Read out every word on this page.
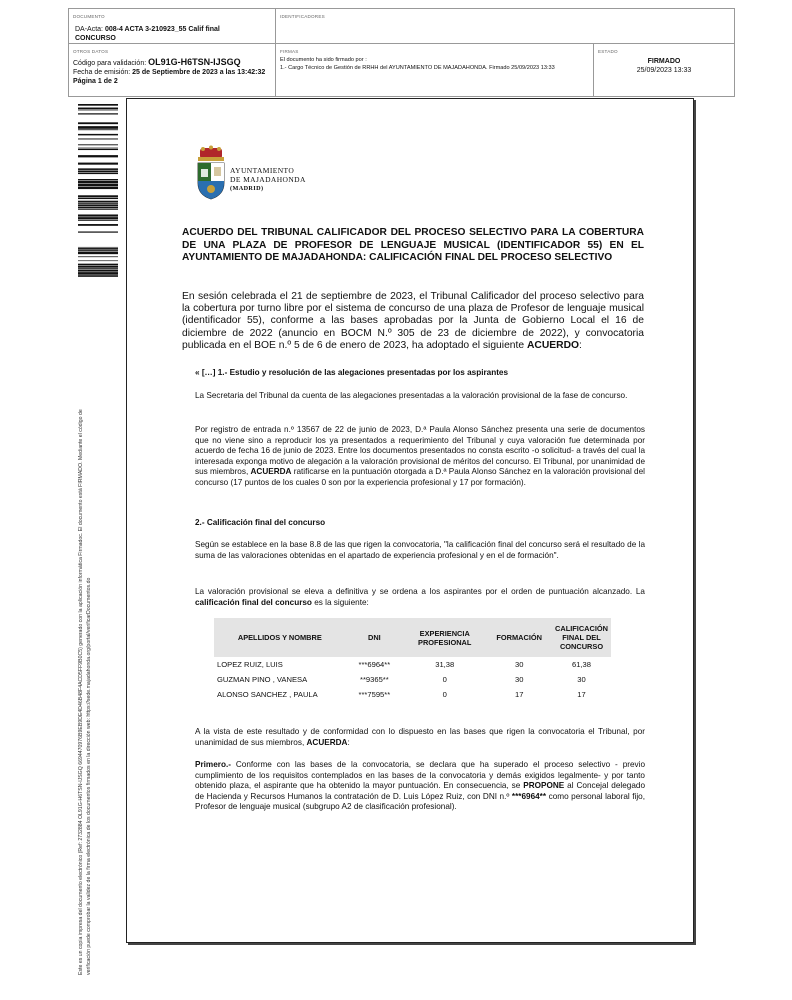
DOCUMENTO
DA-Acta: 008-4 ACTA 3-210923_55 Calif final
CONCURSO
IDENTIFICADORES
OTROS DATOS
Código para validación: OL91G-H6TSN-IJSGQ
Fecha de emisión: 25 de Septiembre de 2023 a las 13:42:32
Página 1 de 2
FIRMAS
El documento ha sido firmado por :
1.- Cargo Técnico de Gestión de RRHH del AYUNTAMIENTO DE MAJADAHONDA. Firmado 25/09/2023 13:33
ESTADO
FIRMADO
25/09/2023 13:33
Este es un copia impresa del documento electrónico (Ref: 2732884 OL91G-H6TSN-IJSGQ 6694470976B9EB9DE4D46B48F4ACD5FF9B0C5) generado con la aplicación informática Firmadoc. El documento está FIRMADO. Mediante el código de verificación puede comprobar la validez de la firma electrónica de los documentos firmados en la dirección web: https://sede.majadahonda.org/portal/verificarDocumentos.do
AYUNTAMIENTO
DE MAJADAHONDA
(MADRID)
ACUERDO DEL TRIBUNAL CALIFICADOR DEL PROCESO SELECTIVO PARA LA COBERTURA DE UNA PLAZA DE PROFESOR DE LENGUAJE MUSICAL (IDENTIFICADOR 55) EN EL AYUNTAMIENTO DE MAJADAHONDA: CALIFICACIÓN FINAL DEL PROCESO SELECTIVO
En sesión celebrada el 21 de septiembre de 2023, el Tribunal Calificador del proceso selectivo para la cobertura por turno libre por el sistema de concurso de una plaza de Profesor de lenguaje musical (identificador 55), conforme a las bases aprobadas por la Junta de Gobierno Local el 16 de diciembre de 2022 (anuncio en BOCM N.º 305 de 23 de diciembre de 2022), y convocatoria publicada en el BOE n.º 5 de 6 de enero de 2023, ha adoptado el siguiente ACUERDO:
« […] 1.- Estudio y resolución de las alegaciones presentadas por los aspirantes
La Secretaria del Tribunal da cuenta de las alegaciones presentadas a la valoración provisional de la fase de concurso.
Por registro de entrada n.º 13567 de 22 de junio de 2023, D.ª Paula Alonso Sánchez presenta una serie de documentos que no viene sino a reproducir los ya presentados a requerimiento del Tribunal y cuya valoración fue determinada por acuerdo de fecha 16 de junio de 2023. Entre los documentos presentados no consta escrito -o solicitud- a través del cual la interesada exponga motivo de alegación a la valoración provisional de méritos del concurso. El Tribunal, por unanimidad de sus miembros, ACUERDA ratificarse en la puntuación otorgada a D.ª Paula Alonso Sánchez en la valoración provisional del concurso (17 puntos de los cuales 0 son por la experiencia profesional y 17 por formación).
2.- Calificación final del concurso
Según se establece en la base 8.8 de las que rigen la convocatoria, "la calificación final del concurso será el resultado de la suma de las valoraciones obtenidas en el apartado de experiencia profesional y en el de formación".
La valoración provisional se eleva a definitiva y se ordena a los aspirantes por el orden de puntuación alcanzado. La calificación final del concurso es la siguiente:
APELLIDOS Y NOMBRE	DNI	EXPERIENCIA PROFESIONAL	FORMACIÓN	CALIFICACIÓN FINAL DEL CONCURSO
LOPEZ RUIZ, LUIS	***6964**	31,38	30	61,38
GUZMAN PINO , VANESA	**9365**	0	30	30
ALONSO SANCHEZ , PAULA	***7595**	0	17	17
A la vista de este resultado y de conformidad con lo dispuesto en las bases que rigen la convocatoria el Tribunal, por unanimidad de sus miembros, ACUERDA:
Primero.- Conforme con las bases de la convocatoria, se declara que ha superado el proceso selectivo - previo cumplimiento de los requisitos contemplados en las bases de la convocatoria y demás exigidos legalmente- y por tanto obtenido plaza, el aspirante que ha obtenido la mayor puntuación. En consecuencia, se PROPONE al Concejal delegado de Hacienda y Recursos Humanos la contratación de D. Luis López Ruiz, con DNI n.º ***6964** como personal laboral fijo, Profesor de lenguaje musical (subgrupo A2 de clasificación profesional).
